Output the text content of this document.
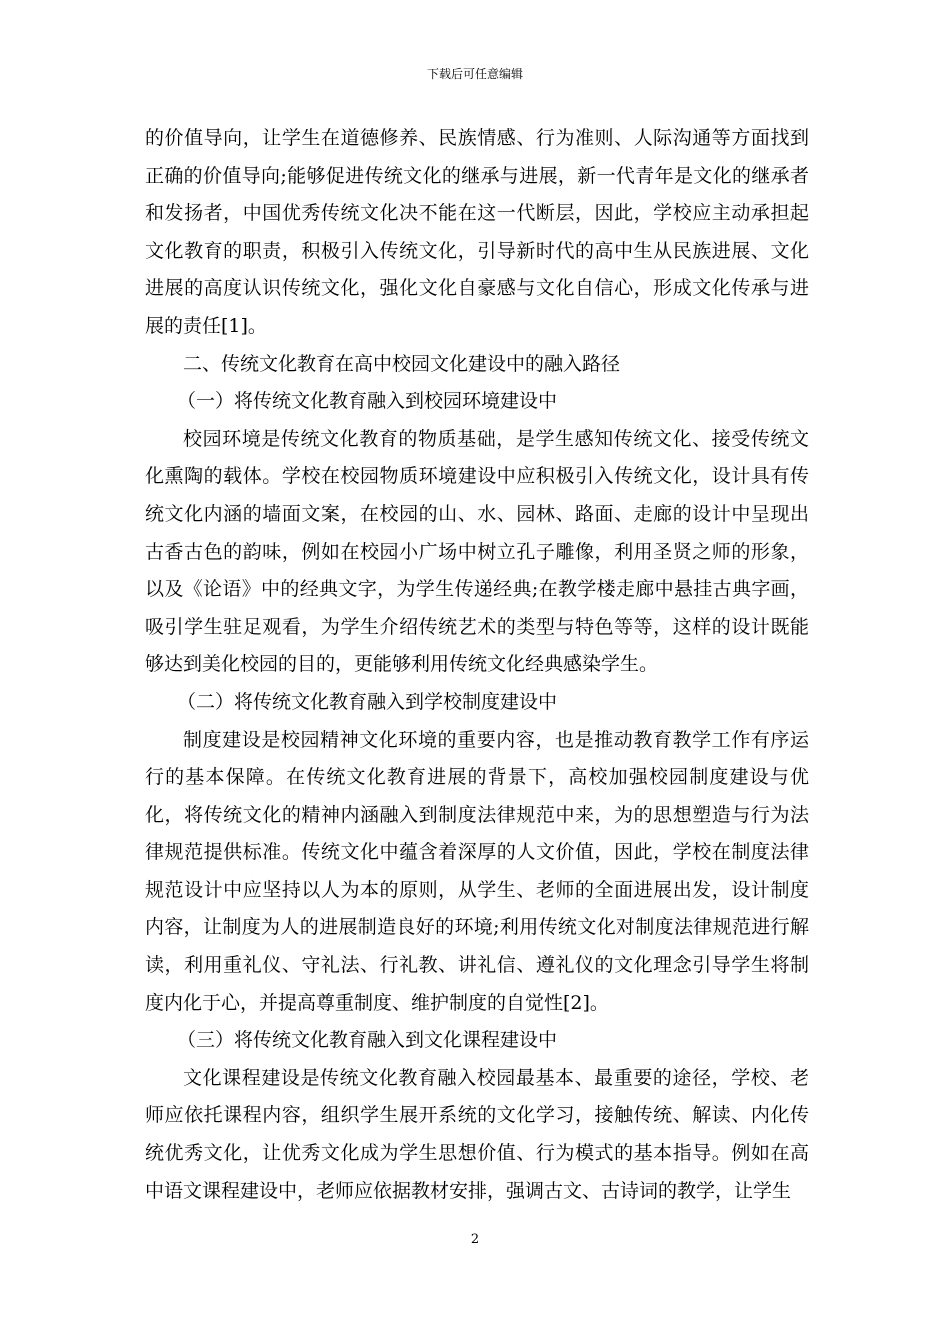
下载后可任意编辑

的价值导向，让学生在道德修养、民族情感、行为准则、人际沟通等方面找到正确的价值导向;能够促进传统文化的继承与进展，新一代青年是文化的继承者和发扬者，中国优秀传统文化决不能在这一代断层，因此，学校应主动承担起文化教育的职责，积极引入传统文化，引导新时代的高中生从民族进展、文化进展的高度认识传统文化，强化文化自豪感与文化自信心，形成文化传承与进展的责任[1]。

二、传统文化教育在高中校园文化建设中的融入路径

（一）将传统文化教育融入到校园环境建设中

校园环境是传统文化教育的物质基础，是学生感知传统文化、接受传统文化熏陶的载体。学校在校园物质环境建设中应积极引入传统文化，设计具有传统文化内涵的墙面文案，在校园的山、水、园林、路面、走廊的设计中呈现出古香古色的韵味，例如在校园小广场中树立孔子雕像，利用圣贤之师的形象，以及《论语》中的经典文字，为学生传递经典;在教学楼走廊中悬挂古典字画，吸引学生驻足观看，为学生介绍传统艺术的类型与特色等等，这样的设计既能够达到美化校园的目的，更能够利用传统文化经典感染学生。

（二）将传统文化教育融入到学校制度建设中

制度建设是校园精神文化环境的重要内容，也是推动教育教学工作有序运行的基本保障。在传统文化教育进展的背景下，高校加强校园制度建设与优化，将传统文化的精神内涵融入到制度法律规范中来，为的思想塑造与行为法律规范提供标准。传统文化中蕴含着深厚的人文价值，因此，学校在制度法律规范设计中应坚持以人为本的原则，从学生、老师的全面进展出发，设计制度内容，让制度为人的进展制造良好的环境;利用传统文化对制度法律规范进行解读，利用重礼仪、守礼法、行礼教、讲礼信、遵礼仪的文化理念引导学生将制度内化于心，并提高尊重制度、维护制度的自觉性[2]。

（三）将传统文化教育融入到文化课程建设中

文化课程建设是传统文化教育融入校园最基本、最重要的途径，学校、老师应依托课程内容，组织学生展开系统的文化学习，接触传统、解读、内化传统优秀文化，让优秀文化成为学生思想价值、行为模式的基本指导。例如在高中语文课程建设中，老师应依据教材安排，强调古文、古诗词的教学，让学生

2
